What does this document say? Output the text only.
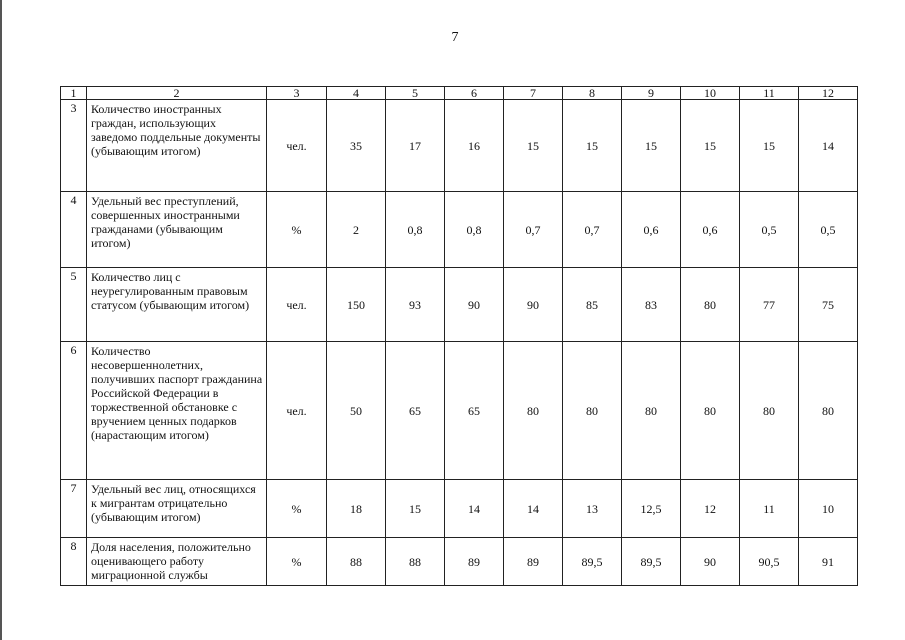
7
1	2	3	4	5	6	7	8	9	10	11	12
3	Количество иностранных граждан, использующих заведомо поддельные документы (убывающим итогом)	чел.	35	17	16	15	15	15	15	15	14
4	Удельный вес преступлений, совершенных иностранными гражданами (убывающим итогом)	%	2	0,8	0,8	0,7	0,7	0,6	0,6	0,5	0,5
5	Количество лиц с неурегулированным правовым статусом (убывающим итогом)	чел.	150	93	90	90	85	83	80	77	75
6	Количество несовершеннолетних, получивших паспорт гражданина Российской Федерации в торжественной обстановке с вручением ценных подарков (нарастающим итогом)	чел.	50	65	65	80	80	80	80	80	80
7	Удельный вес лиц, относящихся к мигрантам отрицательно (убывающим итогом)	%	18	15	14	14	13	12,5	12	11	10
8	Доля населения, положительно оценивающего работу миграционной службы	%	88	88	89	89	89,5	89,5	90	90,5	91
